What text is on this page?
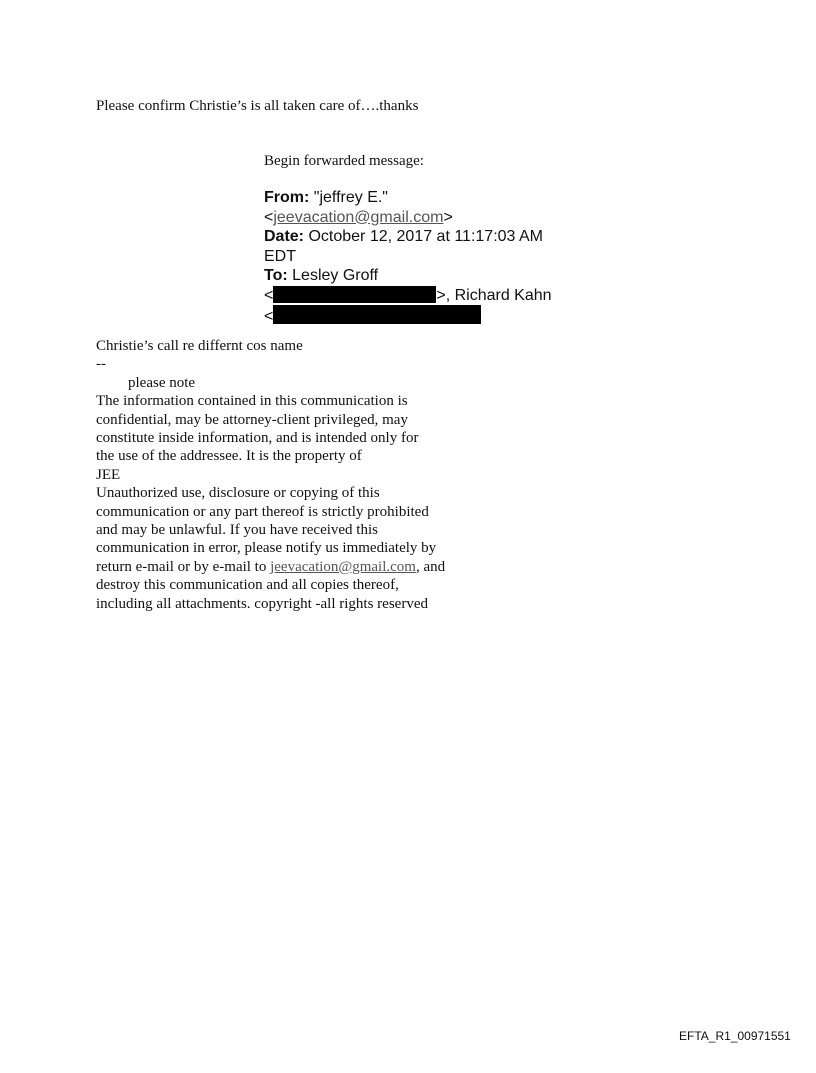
Please confirm Christie’s is all taken care of….thanks
Begin forwarded message:
From: "jeffrey E."
<jeevacation@gmail.com>
Date: October 12, 2017 at 11:17:03 AM
EDT
To: Lesley Groff
<	>, Richard Kahn
<
Christie’s call re differnt cos name
--
please note
The information contained in this communication is
confidential, may be attorney-client privileged, may
constitute inside information, and is intended only for
the use of the addressee. It is the property of
JEE
Unauthorized use, disclosure or copying of this
communication or any part thereof is strictly prohibited
and may be unlawful. If you have received this
communication in error, please notify us immediately by
return e-mail or by e-mail to jeevacation@gmail.com, and
destroy this communication and all copies thereof,
including all attachments. copyright -all rights reserved
EFTA_R1_00971551
